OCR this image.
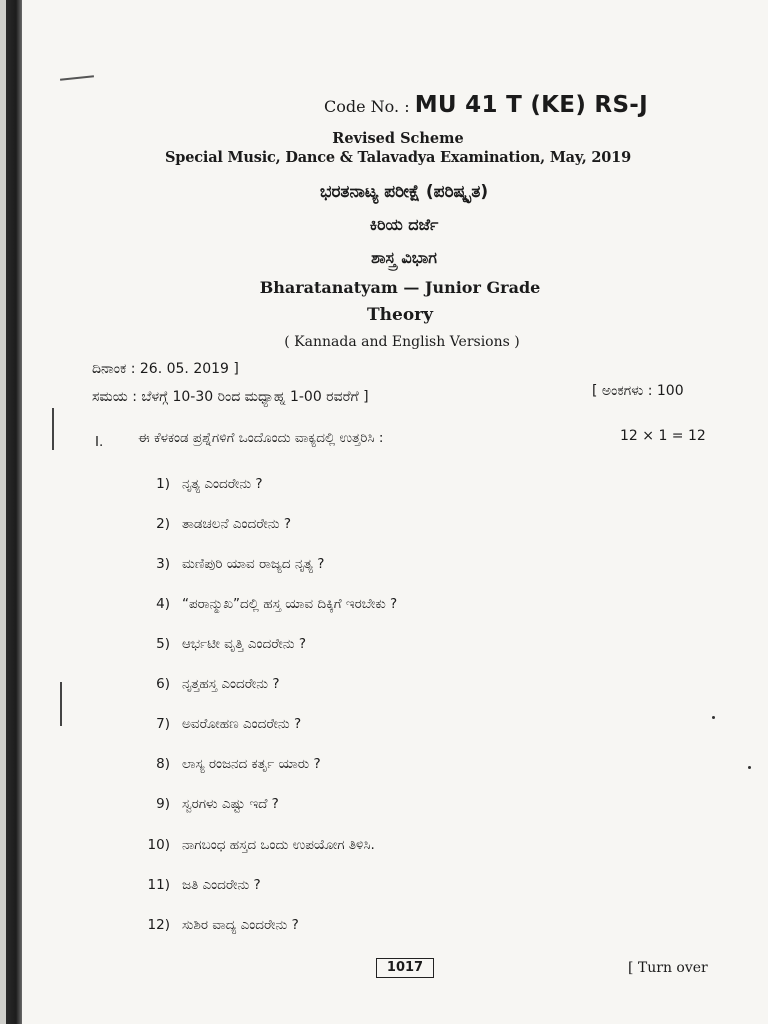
Code No. : MU 41 T (KE) RS-J
Revised Scheme
Special Music, Dance & Talavadya Examination, May, 2019
ಭರತನಾಟ್ಯ ಪರೀಕ್ಷೆ (ಪರಿಷ್ಕೃತ)
ಕಿರಿಯ ದರ್ಜೆ
ಶಾಸ್ತ್ರ ವಿಭಾಗ
Bharatanatyam — Junior Grade
Theory
( Kannada and English Versions )
ದಿನಾಂಕ : 26. 05. 2019 ]
ಸಮಯ : ಬೆಳಗ್ಗೆ 10-30 ರಿಂದ ಮಧ್ಯಾಹ್ನ 1-00 ರವರೆಗೆ ]	[ ಅಂಕಗಳು : 100
I.	ಈ ಕೆಳಕಂಡ ಪ್ರಶ್ನೆಗಳಿಗೆ ಒಂದೊಂದು ವಾಕ್ಯದಲ್ಲಿ ಉತ್ತರಿಸಿ :	12 × 1 = 12
1) ನೃತ್ಯ ಎಂದರೇನು ?
2) ತಾಡಚಲನೆ ಎಂದರೇನು ?
3) ಮಣಿಪುರಿ ಯಾವ ರಾಜ್ಯದ ನೃತ್ಯ ?
4) “ಪರಾನ್ಮುಖ”ದಲ್ಲಿ ಹಸ್ತ ಯಾವ ದಿಕ್ಕಿಗೆ ಇರಬೇಕು ?
5) ಆರ್ಭಟೀ ವೃತ್ತಿ ಎಂದರೇನು ?
6) ನೃತ್ತಹಸ್ತ ಎಂದರೇನು ?
7) ಅವರೋಹಣ ಎಂದರೇನು ?
8) ಲಾಸ್ಯ ರಂಜನದ ಕರ್ತೃ ಯಾರು ?
9) ಸ್ವರಗಳು ಎಷ್ಟು ಇದೆ ?
10) ನಾಗಬಂಧ ಹಸ್ತದ ಒಂದು ಉಪಯೋಗ ತಿಳಿಸಿ.
11) ಜತಿ ಎಂದರೇನು ?
12) ಸುಶಿರ ವಾದ್ಯ ಎಂದರೇನು ?
1017	[ Turn over
